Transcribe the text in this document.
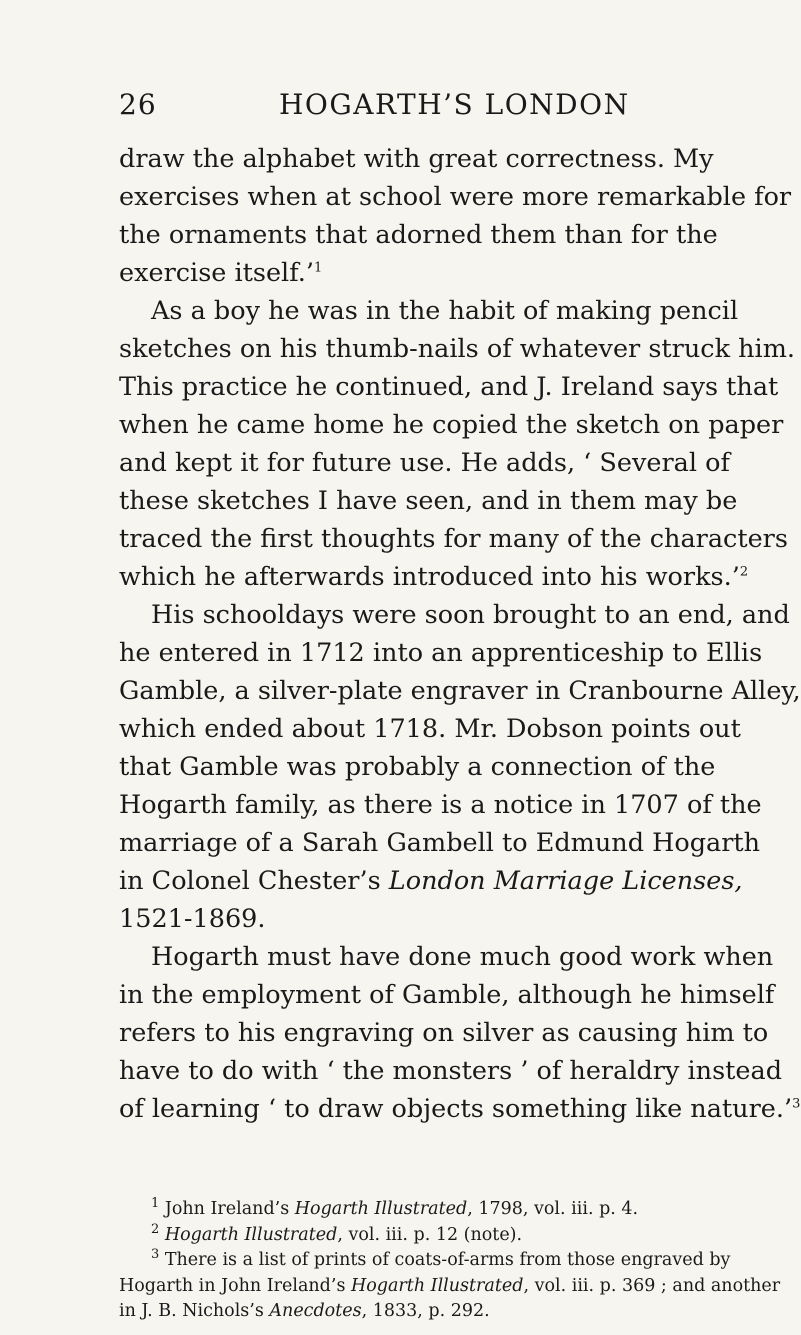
26	HOGARTH’S LONDON
draw the alphabet with great correctness. My
exercises when at school were more remarkable for
the ornaments that adorned them than for the
exercise itself.’$^1$
As a boy he was in the habit of making pencil
sketches on his thumb-nails of whatever struck him.
This practice he continued, and J. Ireland says that
when he came home he copied the sketch on paper
and kept it for future use. He adds, ‘ Several of
these sketches I have seen, and in them may be
traced the first thoughts for many of the characters
which he afterwards introduced into his works.’$^2$
His schooldays were soon brought to an end, and
he entered in 1712 into an apprenticeship to Ellis
Gamble, a silver-plate engraver in Cranbourne Alley,
which ended about 1718. Mr. Dobson points out
that Gamble was probably a connection of the
Hogarth family, as there is a notice in 1707 of the
marriage of a Sarah Gambell to Edmund Hogarth
in Colonel Chester’s London Marriage Licenses,
1521-1869.
Hogarth must have done much good work when
in the employment of Gamble, although he himself
refers to his engraving on silver as causing him to
have to do with ‘ the monsters ’ of heraldry instead
of learning ‘ to draw objects something like nature.’$^3$
$^1$ John Ireland’s Hogarth Illustrated, 1798, vol. iii. p. 4.
$^2$ Hogarth Illustrated, vol. iii. p. 12 (note).
$^3$ There is a list of prints of coats-of-arms from those engraved by
Hogarth in John Ireland’s Hogarth Illustrated, vol. iii. p. 369 ; and another
in J. B. Nichols’s Anecdotes, 1833, p. 292.
